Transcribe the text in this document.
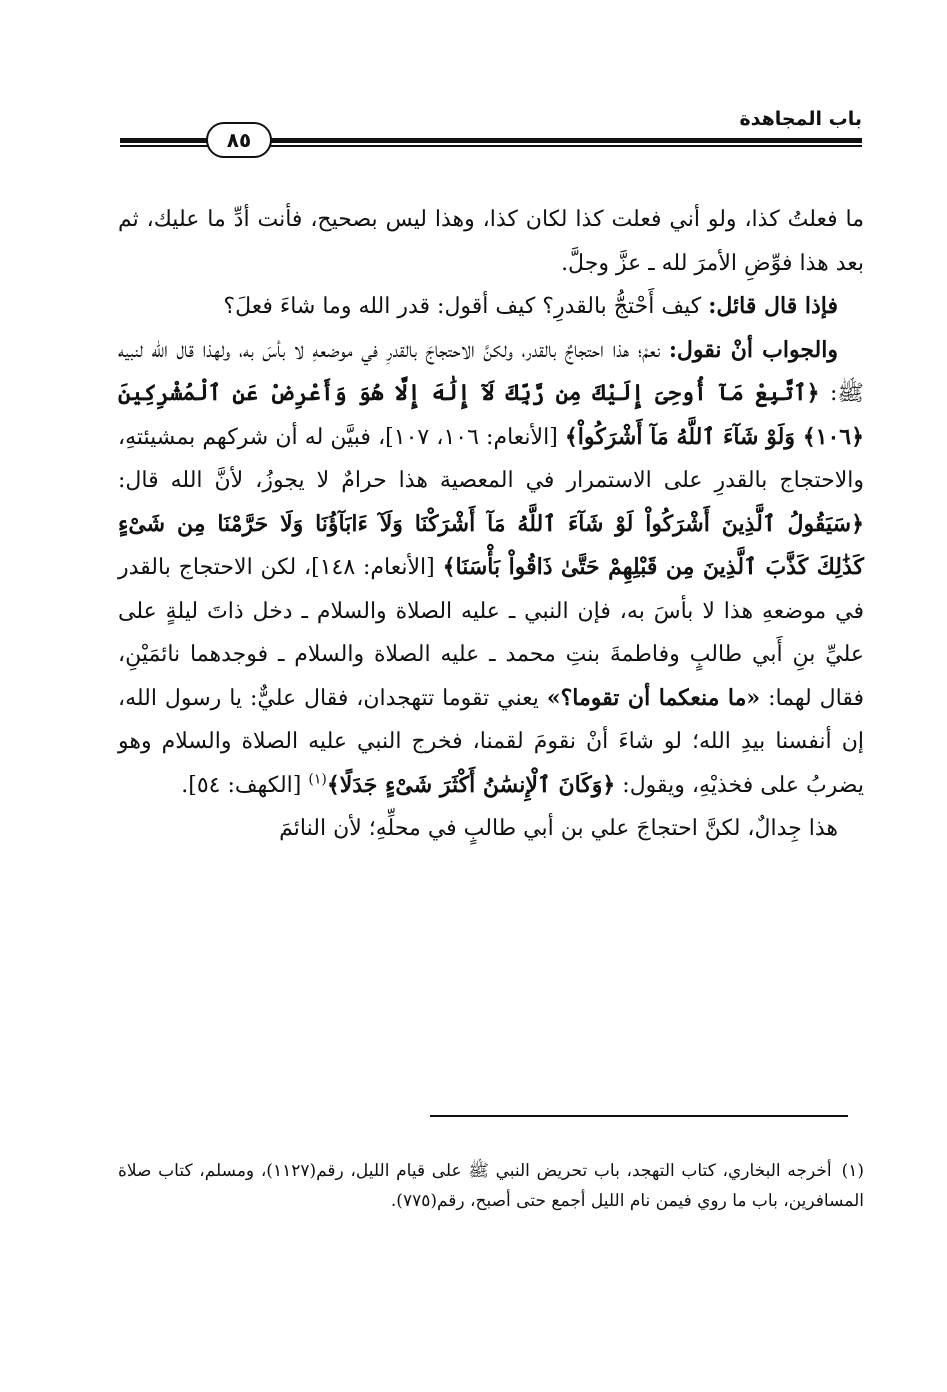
باب المجاهدة
٨٥

ما فعلتُ كذا، ولو أني فعلت كذا لكان كذا، وهذا ليس بصحيح، فأنت أدِّ ما عليك، ثم بعد هذا فوِّضِ الأمرَ لله ـ عزَّ وجلَّ.

فإذا قال قائل: كيف أَحْتجُّ بالقدرِ؟ كيف أقول: قدر الله وما شاءَ فعلَ؟

والجواب أنْ نقول: نعمْ؛ هذا احتجاجٌ بالقدر، ولكنَّ الاحتجاجَ بالقدرِ في موضعهِ لا بأسَ به، ولهذا قال الله لنبيه ﷺ: ﴿ٱتَّبِعْ مَآ أُوحِىَ إِلَيْكَ مِن رَّبِّكَ لَآ إِلَٰهَ إِلَّا هُوَ وَأَعْرِضْ عَنِ ٱلْمُشْرِكِينَ ﴿١٠٦﴾ وَلَوْ شَآءَ ٱللَّهُ مَآ أَشْرَكُواْ﴾ [الأنعام: ١٠٦، ١٠٧]، فبيَّن له أن شركهم بمشيئتهِ، والاحتجاج بالقدرِ على الاستمرار في المعصية هذا حرامٌ لا يجوزُ، لأنَّ الله قال: ﴿سَيَقُولُ ٱلَّذِينَ أَشْرَكُواْ لَوْ شَآءَ ٱللَّهُ مَآ أَشْرَكْنَا وَلَآ ءَابَآؤُنَا وَلَا حَرَّمْنَا مِن شَىْءٍ كَذَٰلِكَ كَذَّبَ ٱلَّذِينَ مِن قَبْلِهِمْ حَتَّىٰ ذَاقُواْ بَأْسَنَا﴾ [الأنعام: ١٤٨]، لكن الاحتجاج بالقدر في موضعهِ هذا لا بأسَ به، فإن النبي ـ عليه الصلاة والسلام ـ دخل ذاتَ ليلةٍ على عليِّ بنِ أَبي طالبٍ وفاطمةَ بنتِ محمد ـ عليه الصلاة والسلام ـ فوجدهما نائمَيْنِ، فقال لهما: «ما منعكما أن تقوما؟» يعني تقوما تتهجدان، فقال عليٌّ: يا رسول الله، إن أنفسنا بيدِ الله؛ لو شاءَ أنْ نقومَ لقمنا، فخرج النبي عليه الصلاة والسلام وهو يضربُ على فخذيْهِ، ويقول: ﴿وَكَانَ ٱلْإِنسَٰنُ أَكْثَرَ شَىْءٍ جَدَلًا﴾$^{(١)}$ [الكهف: ٥٤].

هذا جِدالٌ، لكنَّ احتجاجَ علي بن أبي طالبٍ في محلِّهِ؛ لأن النائمَ

(١)أخرجه البخاري، كتاب التهجد، باب تحريض النبي ﷺ على قيام الليل، رقم(١١٢٧)، ومسلم، كتاب صلاة المسافرين، باب ما روي فيمن نام الليل أجمع حتى أصبح، رقم(٧٧٥).
